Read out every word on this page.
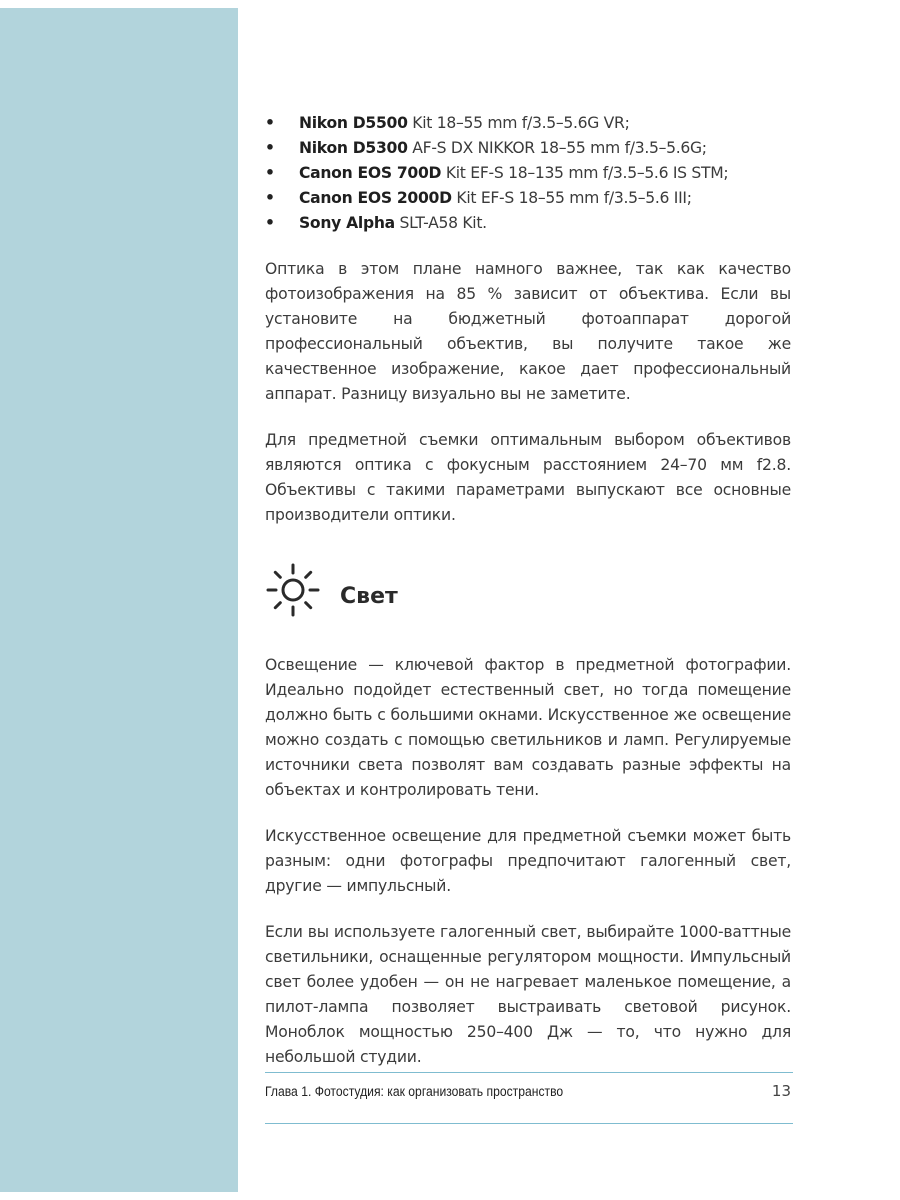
• Nikon D5500 Kit 18–55 mm f/3.5–5.6G VR;
• Nikon D5300 AF-S DX NIKKOR 18–55 mm f/3.5–5.6G;
• Canon EOS 700D Kit EF-S 18–135 mm f/3.5–5.6 IS STM;
• Canon EOS 2000D Kit EF-S 18–55 mm f/3.5–5.6 III;
• Sony Alpha SLT-A58 Kit.

Оптика в этом плане намного важнее, так как качество фотоизображения на 85 % зависит от объектива. Если вы установите на бюджетный фотоаппарат дорогой профессиональный объектив, вы получите такое же качественное изображение, какое дает профессиональный аппарат. Разницу визуально вы не заметите.

Для предметной съемки оптимальным выбором объективов являются оптика с фокусным расстоянием 24–70 мм f2.8. Объективы с такими параметрами выпускают все основные производители оптики.

Свет

Освещение — ключевой фактор в предметной фотографии. Идеально подойдет естественный свет, но тогда помещение должно быть с большими окнами. Искусственное же освещение можно создать с помощью светильников и ламп. Регулируемые источники света позволят вам создавать разные эффекты на объектах и контролировать тени.

Искусственное освещение для предметной съемки может быть разным: одни фотографы предпочитают галогенный свет, другие — импульсный.

Если вы используете галогенный свет, выбирайте 1000-ваттные светильники, оснащенные регулятором мощности. Импульсный свет более удобен — он не нагревает маленькое помещение, а пилот-лампа позволяет выстраивать световой рисунок. Моноблок мощностью 250–400 Дж — то, что нужно для небольшой студии.

Глава 1. Фотостудия: как организовать пространство	13
